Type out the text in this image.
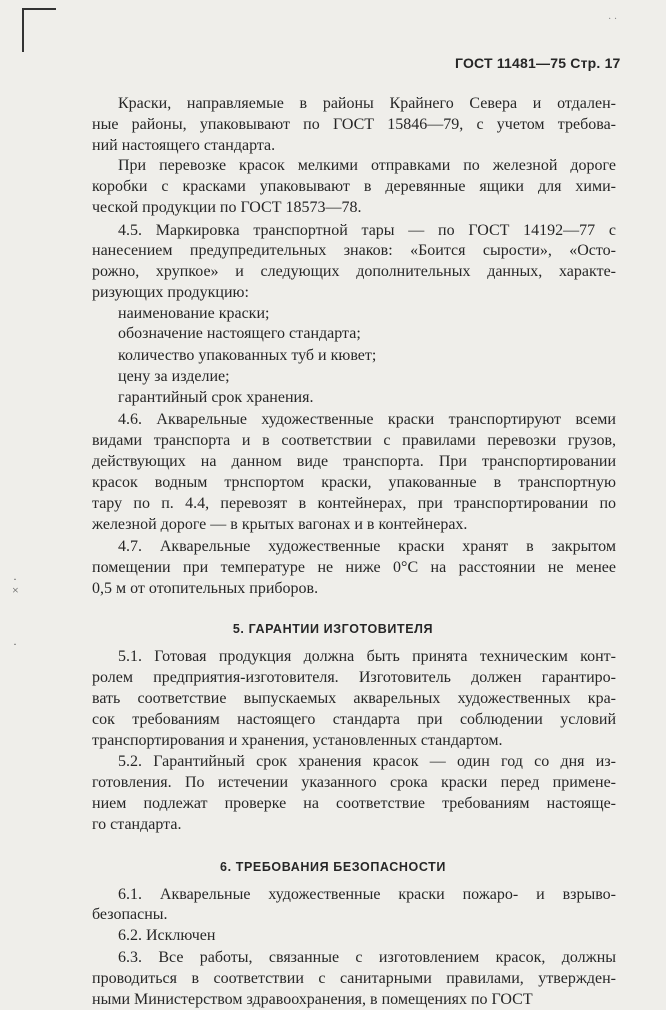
· ·
×
·
·
ГОСТ 11481—75 Стр. 17
Краски, направляемые в районы Крайнего Севера и отдален-
ные районы, упаковывают по ГОСТ 15846—79, с учетом требова-
ний настоящего стандарта.
При перевозке красок мелкими отправками по железной дороге
коробки с красками упаковывают в деревянные ящики для хими-
ческой продукции по ГОСТ 18573—78.
4.5. Маркировка транспортной тары — по ГОСТ 14192—77 с
нанесением предупредительных знаков: «Боится сырости», «Осто-
рожно, хрупкое» и следующих дополнительных данных, характе-
ризующих продукцию:
наименование краски;
обозначение настоящего стандарта;
количество упакованных туб и кювет;
цену за изделие;
гарантийный срок хранения.
4.6. Акварельные художественные краски транспортируют всеми
видами транспорта и в соответствии с правилами перевозки грузов,
действующих на данном виде транспорта. При транспортировании
красок водным трнспортом краски, упакованные в транспортную
тару по п. 4.4, перевозят в контейнерах, при транспортировании по
железной дороге — в крытых вагонах и в контейнерах.
4.7. Акварельные художественные краски хранят в закрытом
помещении при температуре не ниже 0°С на расстоянии не менее
0,5 м от отопительных приборов.
5. ГАРАНТИИ ИЗГОТОВИТЕЛЯ
5.1. Готовая продукция должна быть принята техническим конт-
ролем предприятия-изготовителя. Изготовитель должен гарантиро-
вать соответствие выпускаемых акварельных художественных кра-
сок требованиям настоящего стандарта при соблюдении условий
транспортирования и хранения, установленных стандартом.
5.2. Гарантийный срок хранения красок — один год со дня из-
готовления. По истечении указанного срока краски перед примене-
нием подлежат проверке на соответствие требованиям настояще-
го стандарта.
6. ТРЕБОВАНИЯ БЕЗОПАСНОСТИ
6.1. Акварельные художественные краски пожаро- и взрыво-
безопасны.
6.2. Исключен
6.3. Все работы, связанные с изготовлением красок, должны
проводиться в соответствии с санитарными правилами, утвержден-
ными Министерством здравоохранения, в помещениях по ГОСТ
